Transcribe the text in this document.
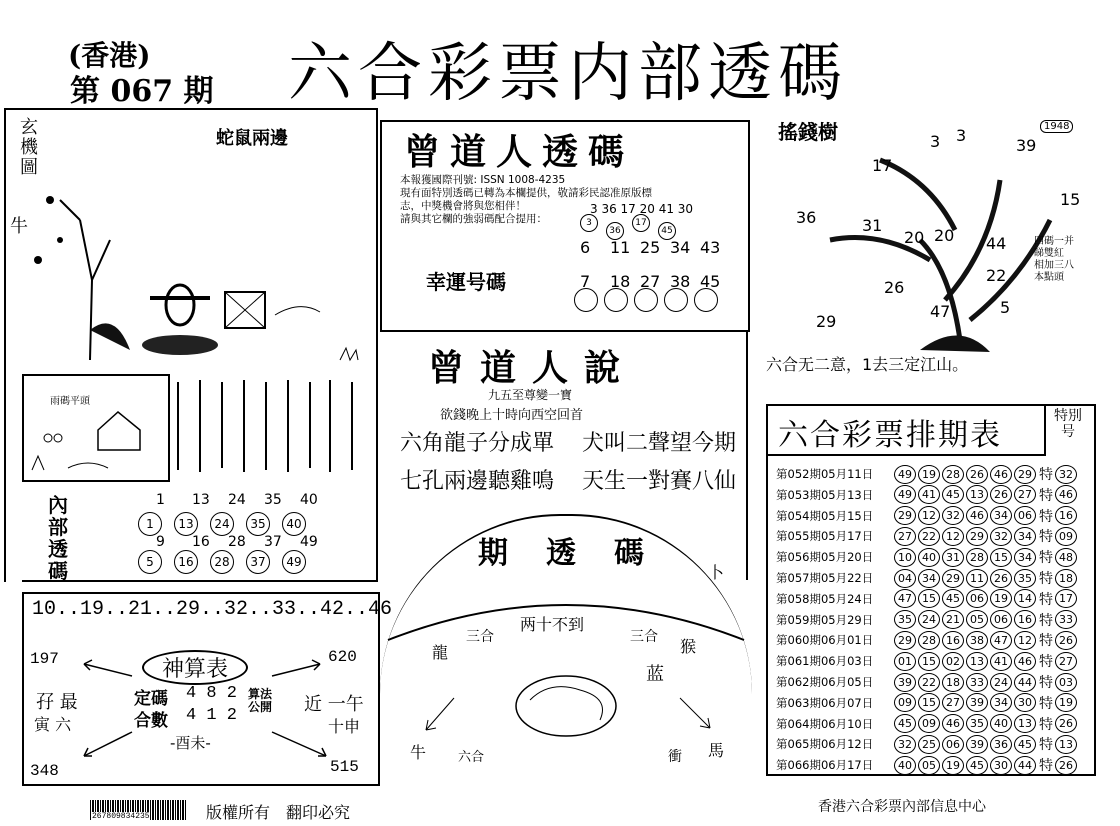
(香港)
第 067 期 六合彩票内部透碼
玄機圖
蛇鼠兩邊
牛
雨碼平頭
內部透碼
1 13 24 35 40
1	13	24	35	40
9 16 28 37 49
5	16	28	37	49
10..19..21..29..32..33..42..46
神算表
197	620
348	515
孖 最
寅 六
近 一午
十申
定碼 4 8 2
合數 4 1 2
算法 公開
-酉未-
曾道人透碼
本報獲國際刊號: ISSN 1008-4235
現有面特別透碼已轉為本欄提供，敬請彩民認准原版標
志，中獎機會將與您相伴！
請與其它欄的強弱碼配合提用：
3 36 17 20 41 30
幸運号碼
3
36
17
45
6 11 25 34 43
7 18 27 38 45
曾道人說
九五至尊變一寶
欲錢晚上十時向西空回首
六角龍子分成單 犬叫二聲望今期
七孔兩邊聽雞鳴 天生一對賽八仙
期透碼
卜
两十不到
三合	三合
龍	猴
蓝
牛 六合	衝 馬
搖錢樹	1948
3 3
39
17
15
36	31
20 20 44
22
26
47	5
29
四碼一并睇雙紅 相加三八本點頭
六合无二意，1去三定江山。
六合彩票排期表
特別号
第052期05月11日	49 19 28 26 46 29 特 32
第053期05月13日	49 41 45 13 26 27 特 46
第054期05月15日	29 12 32 46 34 06 特 16
第055期05月17日	27 22 12 29 32 34 特 09
第056期05月20日	10 40 31 28 15 34 特 48
第057期05月22日	04 34 29 11 26 35 特 18
第058期05月24日	47 15 45 06 19 14 特 17
第059期05月29日	35 24 21 05 06 16 特 33
第060期06月01日	29 28 16 38 47 12 特 26
第061期06月03日	01 15 02 13 41 46 特 27
第062期06月05日	39 22 18 33 24 44 特 03
第063期06月07日	09 15 27 39 34 30 特 19
第064期06月10日	45 09 46 35 40 13 特 26
第065期06月12日	32 25 06 39 36 45 特 13
第066期06月17日	40 05 19 45 30 44 特 26
267809834235	版權所有　翻印必究	香港六合彩票內部信息中心
